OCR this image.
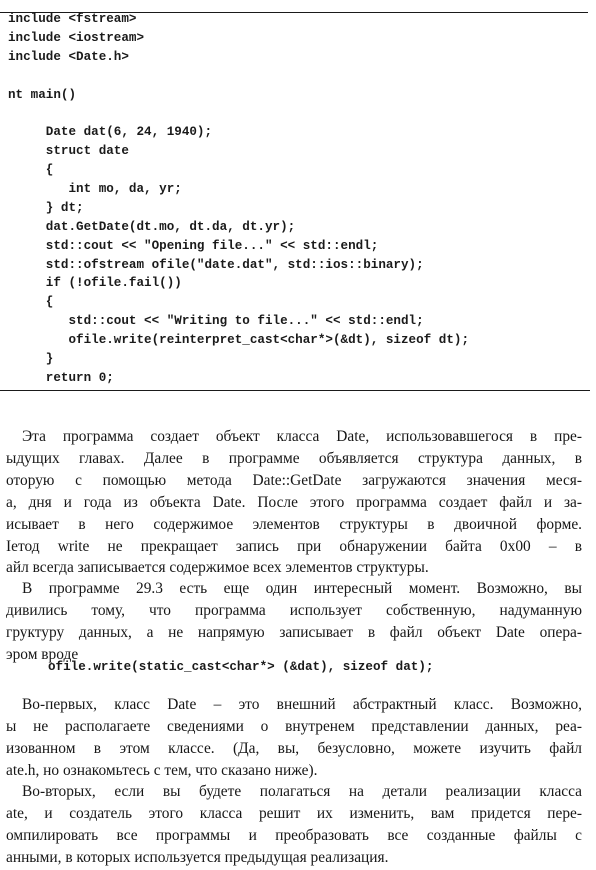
include <fstream>
include <iostream>
include <Date.h>
nt main()
Date dat(6, 24, 1940);
struct date
{
int mo, da, yr;
} dt;
dat.GetDate(dt.mo, dt.da, dt.yr);
std::cout << "Opening file..." << std::endl;
std::ofstream ofile("date.dat", std::ios::binary);
if (!ofile.fail())
{
std::cout << "Writing to file..." << std::endl;
ofile.write(reinterpret_cast<char*>(&dt), sizeof dt);
}
return 0;
Эта программа создает объект класса Date, использовавшегося в пре-
ыдущих главах. Далее в программе объявляется структура данных, в
оторую с помощью метода Date::GetDate загружаются значения меся-
а, дня и года из объекта Date. После этого программа создает файл и за-
исывает в него содержимое элементов структуры в двоичной форме.
Іетод write не прекращает запись при обнаружении байта 0x00 – в
айл всегда записывается содержимое всех элементов структуры.
В программе 29.3 есть еще один интересный момент. Возможно, вы
дивились тому, что программа использует собственную, надуманную
груктуру данных, а не напрямую записывает в файл объект Date опера-
эром вроде
ofile.write(static_cast<char*> (&dat), sizeof dat);
Во-первых, класс Date – это внешний абстрактный класс. Возможно,
ы не располагаете сведениями о внутренем представлении данных, реа-
изованном в этом классе. (Да, вы, безусловно, можете изучить файл
ate.h, но ознакомьтесь с тем, что сказано ниже).
Во-вторых, если вы будете полагаться на детали реализации класса
ate, и создатель этого класса решит их изменить, вам придется пере-
омпилировать все программы и преобразовать все созданные файлы с
анными, в которых используется предыдущая реализация.
